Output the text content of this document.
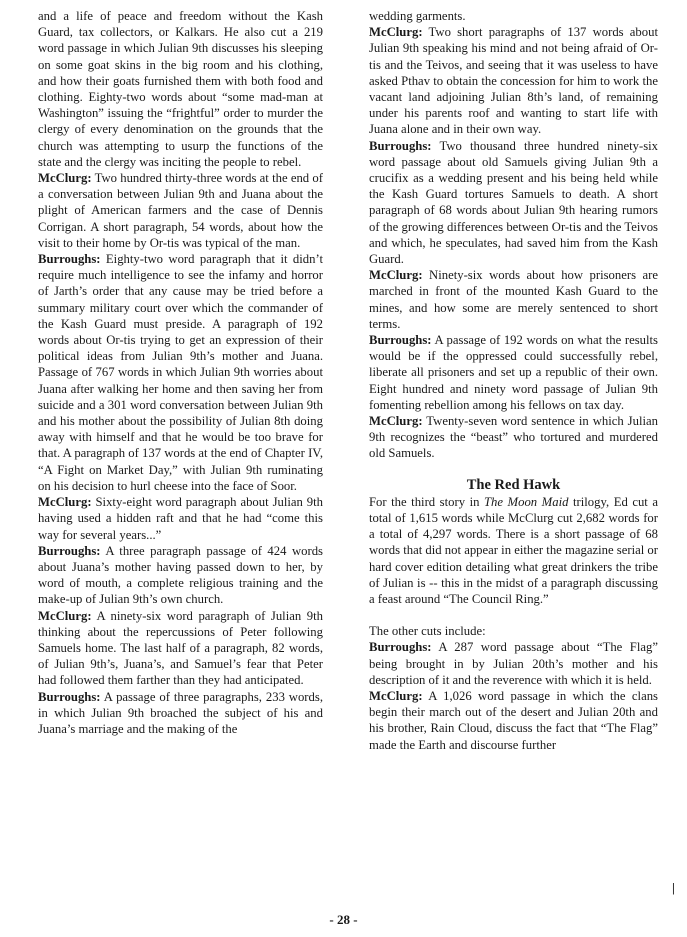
and a life of peace and freedom without the Kash Guard, tax collectors, or Kalkars. He also cut a 219 word passage in which Julian 9th discusses his sleeping on some goat skins in the big room and his clothing, and how their goats furnished them with both food and clothing. Eighty-two words about “some mad-man at Washington” issuing the “frightful” order to murder the clergy of every denomination on the grounds that the church was attempting to usurp the functions of the state and the clergy was inciting the people to rebel.

McClurg: Two hundred thirty-three words at the end of a conversation between Julian 9th and Juana about the plight of American farmers and the case of Dennis Corrigan. A short paragraph, 54 words, about how the visit to their home by Or-tis was typical of the man.

Burroughs: Eighty-two word paragraph that it didn’t require much intelligence to see the infamy and horror of Jarth’s order that any cause may be tried before a summary military court over which the commander of the Kash Guard must preside. A paragraph of 192 words about Or-tis trying to get an expression of their political ideas from Julian 9th’s mother and Juana. Passage of 767 words in which Julian 9th worries about Juana after walking her home and then saving her from suicide and a 301 word conversation between Julian 9th and his mother about the possibility of Julian 8th doing away with himself and that he would be too brave for that. A paragraph of 137 words at the end of Chapter IV, “A Fight on Market Day,” with Julian 9th ruminating on his decision to hurl cheese into the face of Soor.

McClurg: Sixty-eight word paragraph about Julian 9th having used a hidden raft and that he had “come this way for several years...”

Burroughs: A three paragraph passage of 424 words about Juana’s mother having passed down to her, by word of mouth, a complete religious training and the make-up of Julian 9th’s own church.

McClurg: A ninety-six word paragraph of Julian 9th thinking about the repercussions of Peter following Samuels home. The last half of a paragraph, 82 words, of Julian 9th’s, Juana’s, and Samuel’s fear that Peter had followed them farther than they had anticipated.

Burroughs: A passage of three paragraphs, 233 words, in which Julian 9th broached the subject of his and Juana’s marriage and the making of the

wedding garments.

McClurg: Two short paragraphs of 137 words about Julian 9th speaking his mind and not being afraid of Or-tis and the Teivos, and seeing that it was useless to have asked Pthav to obtain the concession for him to work the vacant land adjoining Julian 8th’s land, of remaining under his parents roof and wanting to start life with Juana alone and in their own way.

Burroughs: Two thousand three hundred ninety-six word passage about old Samuels giving Julian 9th a crucifix as a wedding present and his being held while the Kash Guard tortures Samuels to death. A short paragraph of 68 words about Julian 9th hearing rumors of the growing differences between Or-tis and the Teivos and which, he speculates, had saved him from the Kash Guard.

McClurg: Ninety-six words about how prisoners are marched in front of the mounted Kash Guard to the mines, and how some are merely sentenced to short terms.

Burroughs: A passage of 192 words on what the results would be if the oppressed could successfully rebel, liberate all prisoners and set up a republic of their own. Eight hundred and ninety word passage of Julian 9th fomenting rebellion among his fellows on tax day.

McClurg: Twenty-seven word sentence in which Julian 9th recognizes the “beast” who tortured and murdered old Samuels.

The Red Hawk

For the third story in The Moon Maid trilogy, Ed cut a total of 1,615 words while McClurg cut 2,682 words for a total of 4,297 words. There is a short passage of 68 words that did not appear in either the magazine serial or hard cover edition detailing what great drinkers the tribe of Julian is -- this in the midst of a paragraph discussing a feast around “The Council Ring.”

The other cuts include:

Burroughs: A 287 word passage about “The Flag” being brought in by Julian 20th’s mother and his description of it and the reverence with which it is held.

McClurg: A 1,026 word passage in which the clans begin their march out of the desert and Julian 20th and his brother, Rain Cloud, discuss the fact that “The Flag” made the Earth and discourse further

|
- 28 -
